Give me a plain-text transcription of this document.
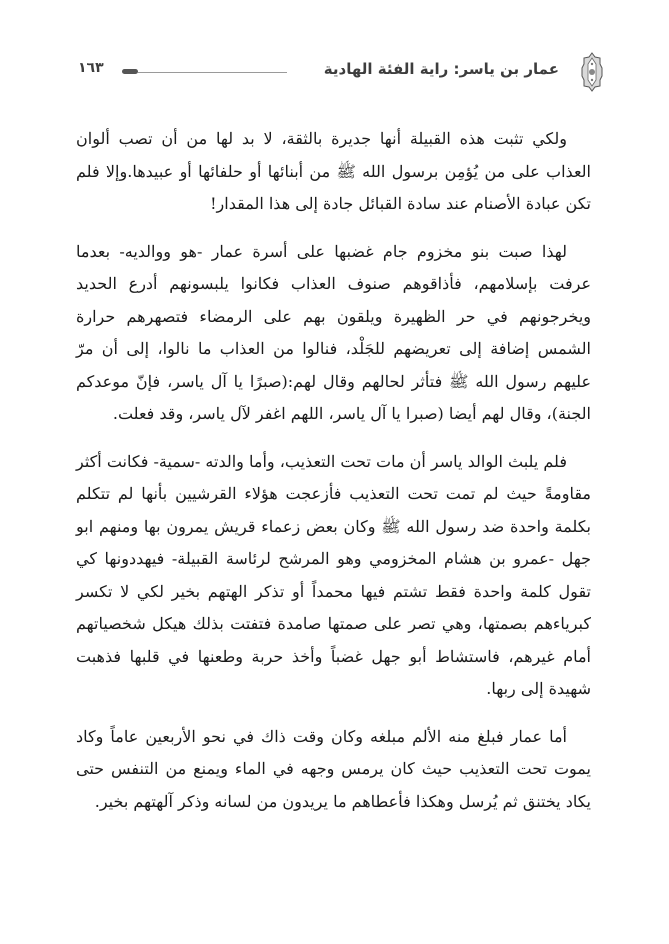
عمار بن ياسر: راية الفئة الهادية
١٦٣

ولكي تثبت هذه القبيلة أنها جديرة بالثقة، لا بد لها من أن تصب ألوان العذاب على من يُؤمِن برسول الله ﷺ من أبنائها أو حلفائها أو عبيدها.وإلا فلم تكن عبادة الأصنام عند سادة القبائل جادة إلى هذا المقدار!

لهذا صبت بنو مخزوم جام غضبها على أسرة عمار -هو ووالديه- بعدما عرفت بإسلامهم، فأذاقوهم صنوف العذاب فكانوا يلبسونهم أدرع الحديد ويخرجونهم في حر الظهيرة ويلقون بهم على الرمضاء فتصهرهم حرارة الشمس إضافة إلى تعريضهم للجَلْد، فنالوا من العذاب ما نالوا، إلى أن مرّ عليهم رسول الله ﷺ فتأثر لحالهم وقال لهم:(صبرًا يا آل ياسر، فإنّ موعدكم الجنة)، وقال لهم أيضا (صبرا يا آل ياسر، اللهم اغفر لآل ياسر، وقد فعلت.

فلم يلبث الوالد ياسر أن مات تحت التعذيب، وأما والدته -سمية- فكانت أكثر مقاومةً حيث لم تمت تحت التعذيب فأزعجت هؤلاء القرشيين بأنها لم تتكلم بكلمة واحدة ضد رسول الله ﷺ وكان بعض زعماء قريش يمرون بها ومنهم ابو جهل -عمرو بن هشام المخزومي وهو المرشح لرئاسة القبيلة- فيهددونها كي تقول كلمة واحدة فقط تشتم فيها محمداً أو تذكر الهتهم بخير لكي لا تكسر كبرياءهم بصمتها، وهي تصر على صمتها صامدة فتفتت بذلك هيكل شخصياتهم أمام غيرهم، فاستشاط أبو جهل غضباً وأخذ حربة وطعنها في قلبها فذهبت شهيدة إلى ربها.

أما عمار فبلغ منه الألم مبلغه وكان وقت ذاك في نحو الأربعين عاماً وكاد يموت تحت التعذيب حيث كان يرمس وجهه في الماء ويمنع من التنفس حتى يكاد يختنق ثم يُرسل وهكذا فأعطاهم ما يريدون من لسانه وذكر آلهتهم بخير.
